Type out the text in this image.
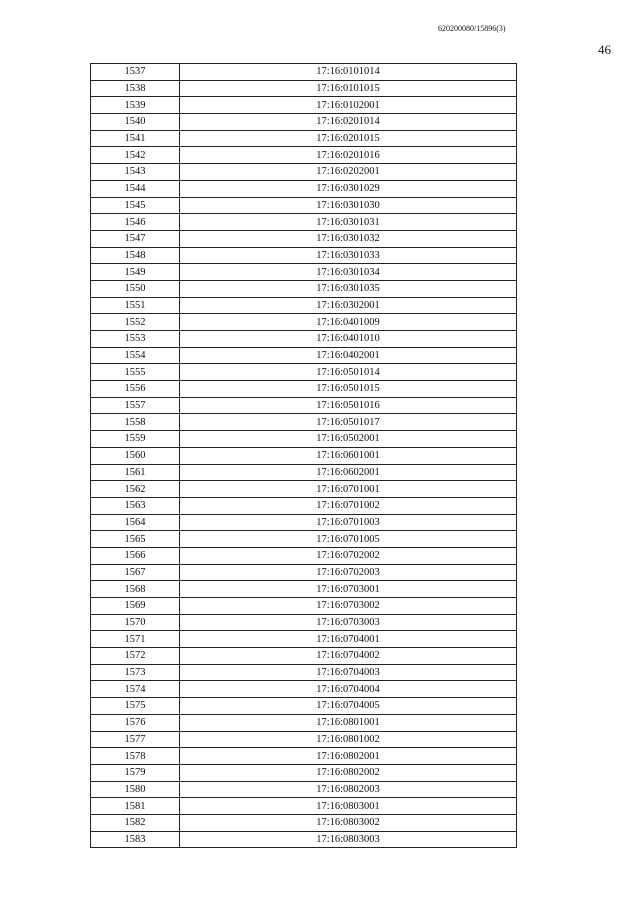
620200080/15896(3)
46
1537	17:16:0101014
1538	17:16:0101015
1539	17:16:0102001
1540	17:16:0201014
1541	17:16:0201015
1542	17:16:0201016
1543	17:16:0202001
1544	17:16:0301029
1545	17:16:0301030
1546	17:16:0301031
1547	17:16:0301032
1548	17:16:0301033
1549	17:16:0301034
1550	17:16:0301035
1551	17:16:0302001
1552	17:16:0401009
1553	17:16:0401010
1554	17:16:0402001
1555	17:16:0501014
1556	17:16:0501015
1557	17:16:0501016
1558	17:16:0501017
1559	17:16:0502001
1560	17:16:0601001
1561	17:16:0602001
1562	17:16:0701001
1563	17:16:0701002
1564	17:16:0701003
1565	17:16:0701005
1566	17:16:0702002
1567	17:16:0702003
1568	17:16:0703001
1569	17:16:0703002
1570	17:16:0703003
1571	17:16:0704001
1572	17:16:0704002
1573	17:16:0704003
1574	17:16:0704004
1575	17:16:0704005
1576	17:16:0801001
1577	17:16:0801002
1578	17:16:0802001
1579	17:16:0802002
1580	17:16:0802003
1581	17:16:0803001
1582	17:16:0803002
1583	17:16:0803003
